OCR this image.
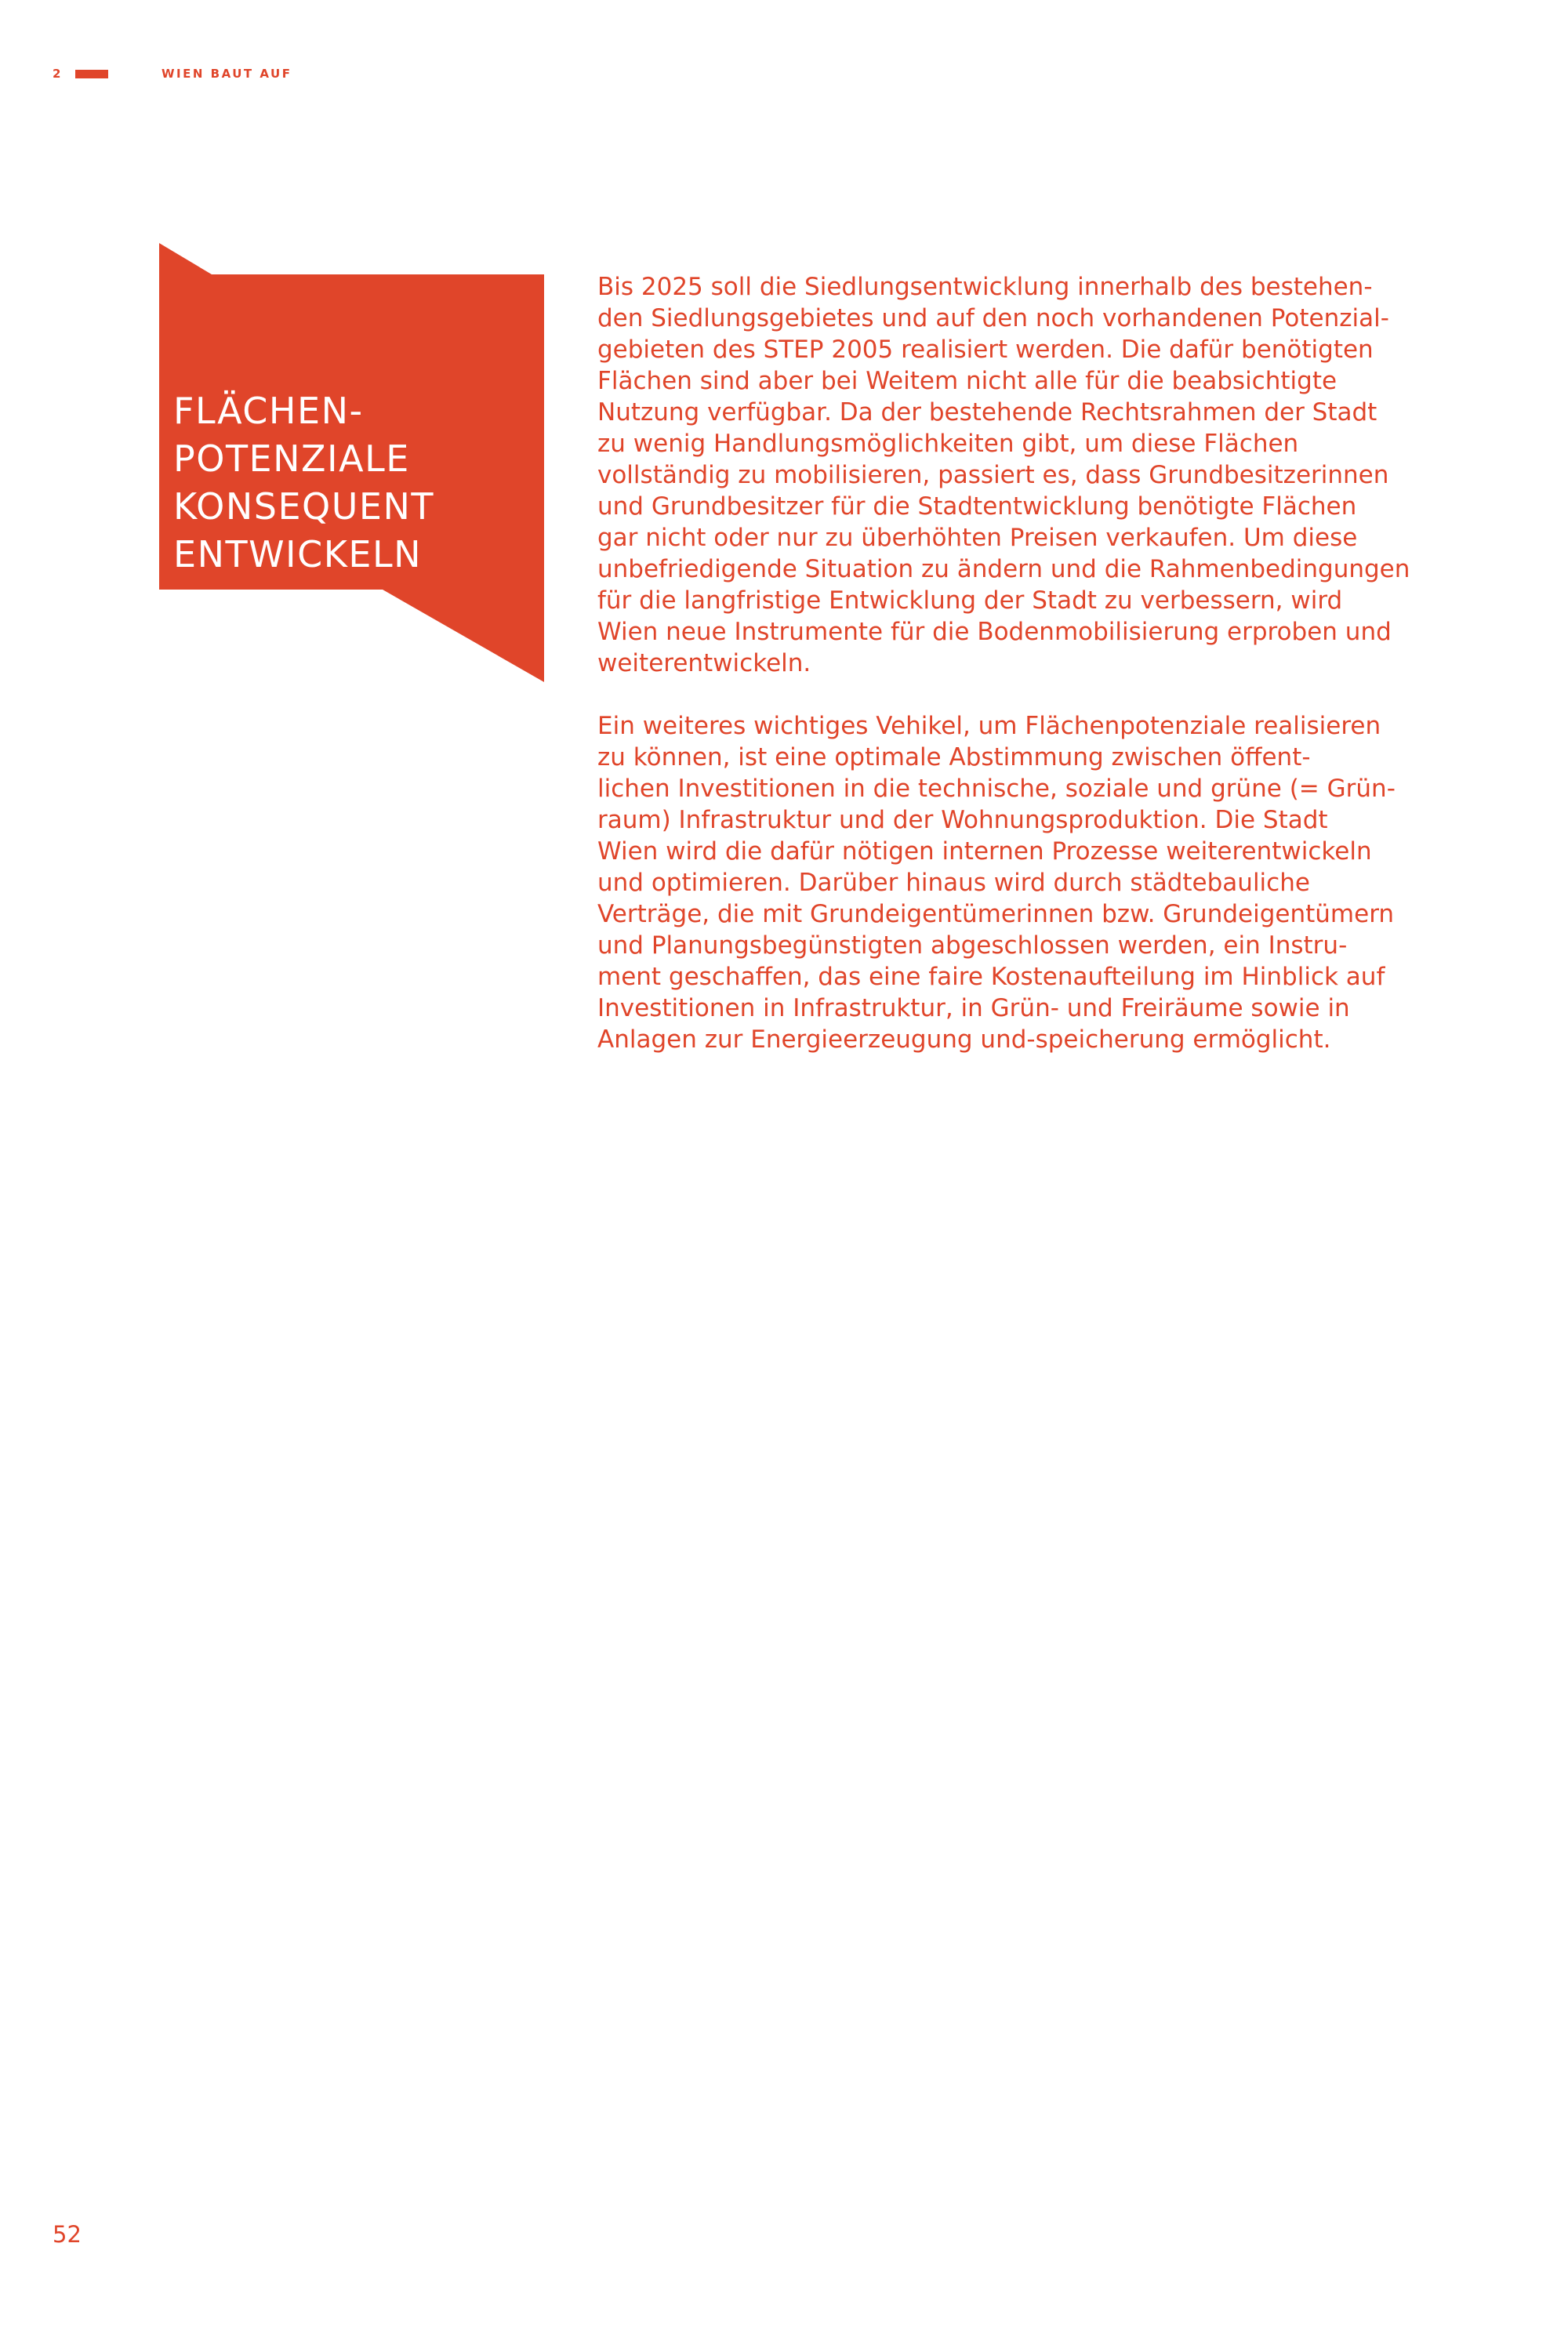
2	WIEN BAUT AUF
FLÄCHEN-
POTENZIALE
KONSEQUENT
ENTWICKELN

Bis 2025 soll die Siedlungsentwicklung innerhalb des bestehen-
den Siedlungsgebietes und auf den noch vorhandenen Potenzial-
gebieten des STEP 2005 realisiert werden. Die dafür benötigten
Flächen sind aber bei Weitem nicht alle für die beabsichtigte
Nutzung verfügbar. Da der bestehende Rechtsrahmen der Stadt
zu wenig Handlungsmöglichkeiten gibt, um diese Flächen
vollständig zu mobilisieren, passiert es, dass Grundbesitzerinnen
und Grundbesitzer für die Stadtentwicklung benötigte Flächen
gar nicht oder nur zu überhöhten Preisen verkaufen. Um diese
unbefriedigende Situation zu ändern und die Rahmenbedingungen
für die langfristige Entwicklung der Stadt zu verbessern, wird
Wien neue Instrumente für die Bodenmobilisierung erproben und
weiterentwickeln.

Ein weiteres wichtiges Vehikel, um Flächenpotenziale realisieren
zu können, ist eine optimale Abstimmung zwischen öffent-
lichen Investitionen in die technische, soziale und grüne (= Grün-
raum) Infrastruktur und der Wohnungsproduktion. Die Stadt
Wien wird die dafür nötigen internen Prozesse weiterentwickeln
und optimieren. Darüber hinaus wird durch städtebauliche
Verträge, die mit Grundeigentümerinnen bzw. Grundeigentümern
und Planungsbegünstigten abgeschlossen werden, ein Instru-
ment geschaffen, das eine faire Kostenaufteilung im Hinblick auf
Investitionen in Infrastruktur, in Grün- und Freiräume sowie in
Anlagen zur Energieerzeugung und-speicherung ermöglicht.

52
